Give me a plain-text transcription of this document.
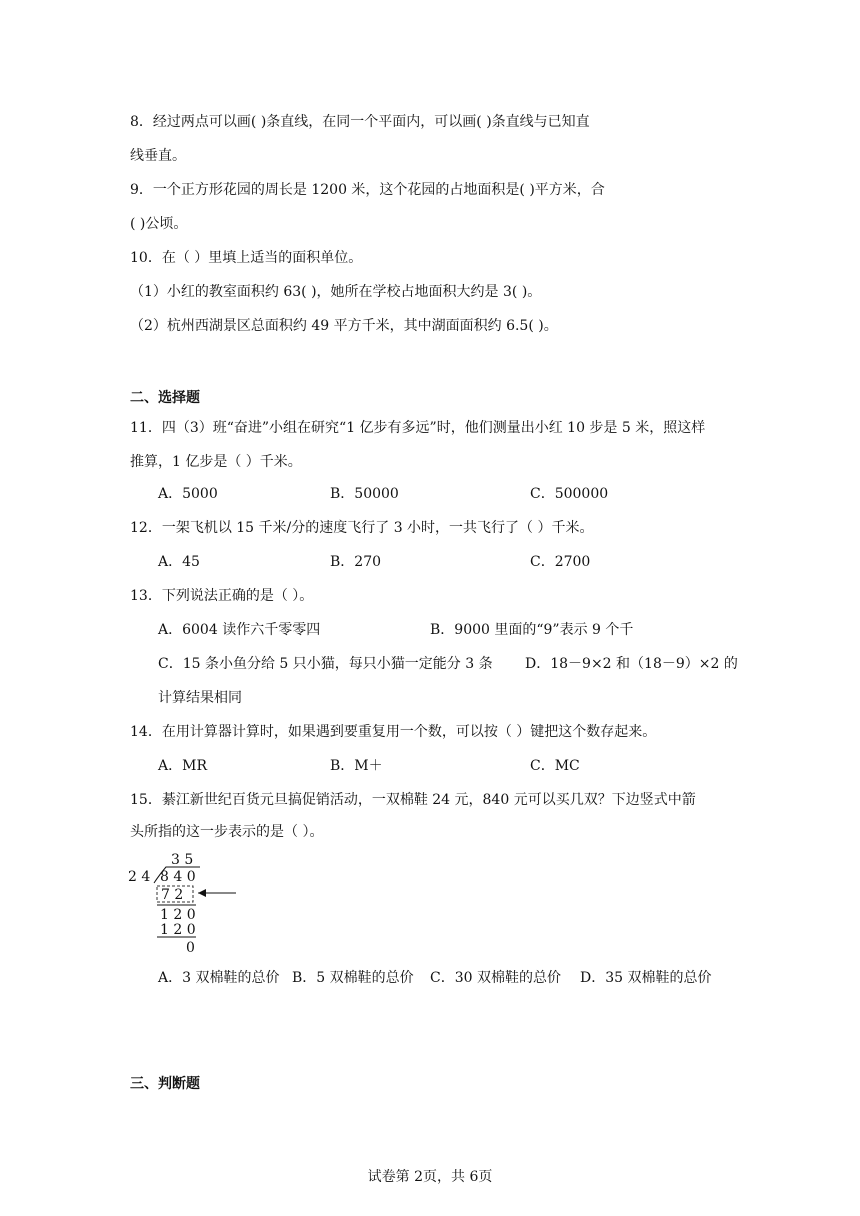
8．经过两点可以画( )条直线，在同一个平面内，可以画( )条直线与已知直
线垂直。
9．一个正方形花园的周长是 1200 米，这个花园的占地面积是( )平方米，合
( )公顷。
10．在（ ）里填上适当的面积单位。
（1）小红的教室面积约 63( )，她所在学校占地面积大约是 3( )。
（2）杭州西湖景区总面积约 49 平方千米，其中湖面面积约 6.5( )。
二、选择题
11．四（3）班“奋进”小组在研究“1 亿步有多远”时，他们测量出小红 10 步是 5 米，照这样
推算，1 亿步是（ ）千米。
A．5000	B．50000	C．500000
12．一架飞机以 15 千米/分的速度飞行了 3 小时，一共飞行了（ ）千米。
A．45	B．270	C．2700
13．下列说法正确的是（ ）。
A．6004 读作六千零零四	B．9000 里面的“9”表示 9 个千
C．15 条小鱼分给 5 只小猫，每只小猫一定能分 3 条 D．18－9×2 和（18－9）×2 的
计算结果相同
14．在用计算器计算时，如果遇到要重复用一个数，可以按（ ）键把这个数存起来。
A．MR	B．M＋	C．MC
15．綦江新世纪百货元旦搞促销活动，一双棉鞋 24 元，840 元可以买几双？下边竖式中箭
头所指的这一步表示的是（ ）。
3 5
2 4 8 4 0
7 2
1 2 0
1 2 0
0
A．3 双棉鞋的总价 B．5 双棉鞋的总价 C．30 双棉鞋的总价 D．35 双棉鞋的总价
三、判断题
试卷第 2页，共 6页
